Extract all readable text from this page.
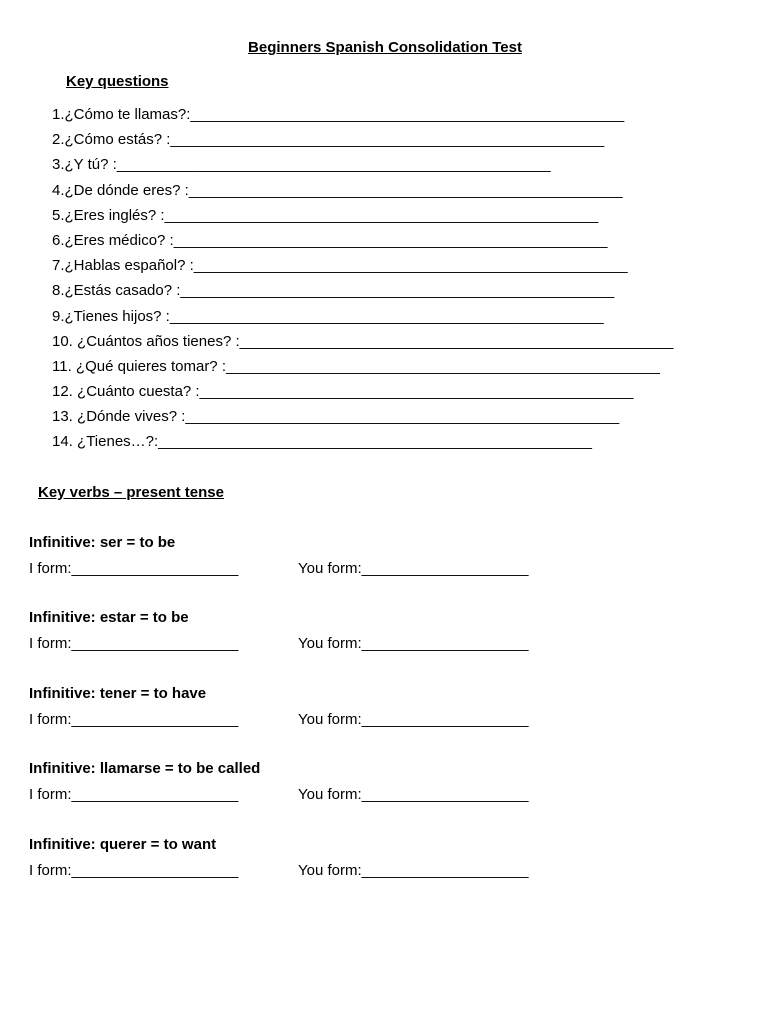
Beginners Spanish Consolidation Test
Key questions
1.¿Cómo te llamas?:____________________________________________________
2.¿Cómo estás? :____________________________________________________
3.¿Y tú? :____________________________________________________
4.¿De dónde eres? :____________________________________________________
5.¿Eres inglés? :____________________________________________________
6.¿Eres médico? :____________________________________________________
7.¿Hablas español? :____________________________________________________
8.¿Estás casado? :____________________________________________________
9.¿Tienes hijos? :____________________________________________________
10. ¿Cuántos años tienes? :____________________________________________________
11. ¿Qué quieres tomar? :____________________________________________________
12. ¿Cuánto cuesta? :____________________________________________________
13. ¿Dónde vives? :____________________________________________________
14. ¿Tienes…?:____________________________________________________
Key verbs – present tense
Infinitive: ser = to be
I form:____________________	You form:____________________
Infinitive: estar = to be
I form:____________________	You form:____________________
Infinitive: tener = to have
I form:____________________	You form:____________________
Infinitive: llamarse = to be called
I form:____________________	You form:____________________
Infinitive: querer = to want
I form:____________________	You form:____________________
